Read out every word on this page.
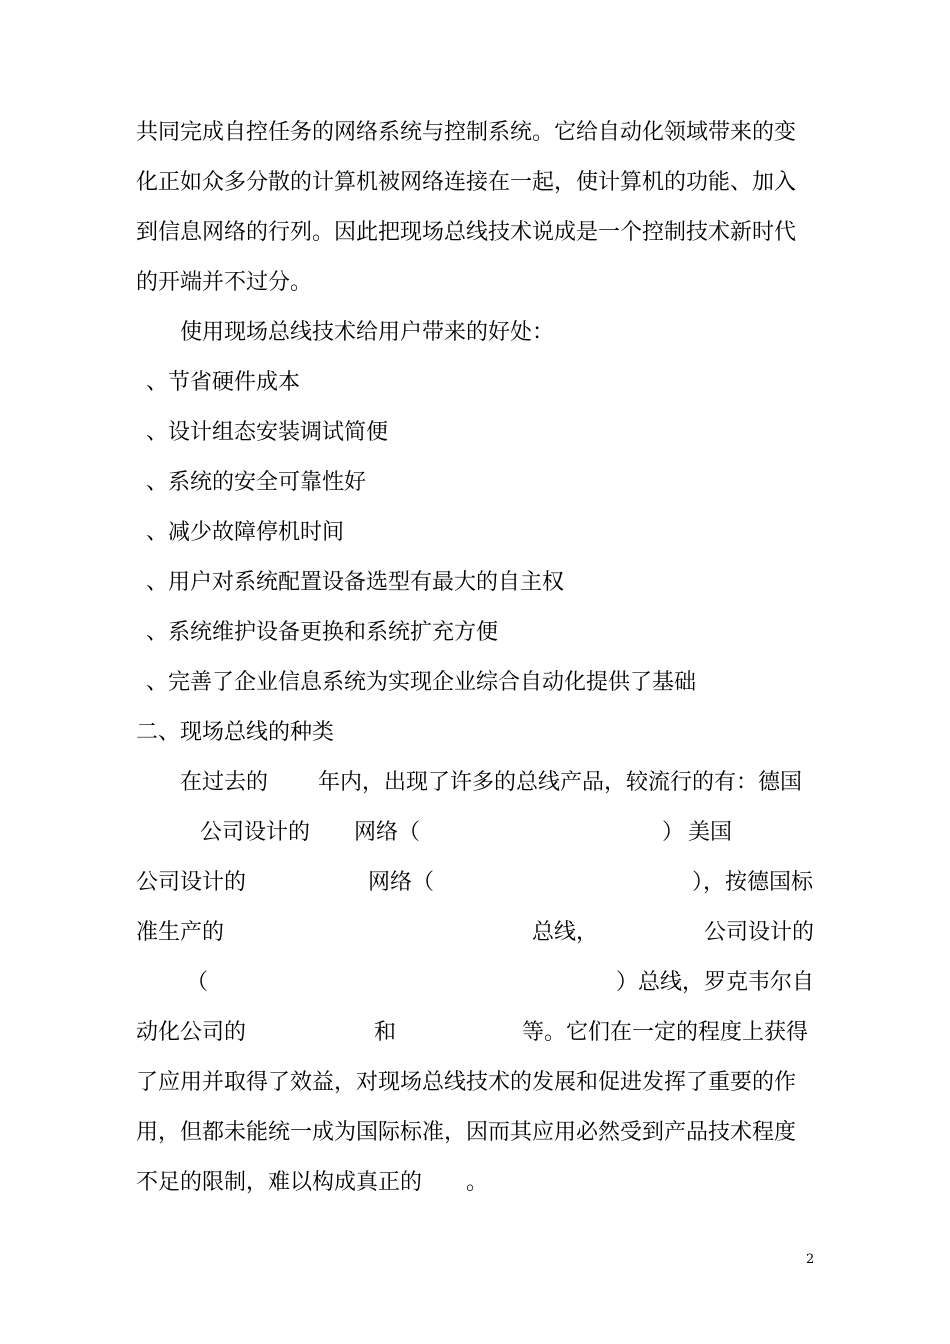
共同完成自控任务的网络系统与控制系统。它给自动化领域带来的变
化正如众多分散的计算机被网络连接在一起，使计算机的功能、加入
到信息网络的行列。因此把现场总线技术说成是一个控制技术新时代
的开端并不过分。
使用现场总线技术给用户带来的好处：
、节省硬件成本
、设计组态安装调试简便
、系统的安全可靠性好
、减少故障停机时间
、用户对系统配置设备选型有最大的自主权
、系统维护设备更换和系统扩充方便
、完善了企业信息系统为实现企业综合自动化提供了基础
二、现场总线的种类
在过去的 年内，出现了许多的总线产品，较流行的有：德国
公司设计的 网络（	） 美国
公司设计的	网络（	），按德国标
准生产的	总线，	公司设计的
（	）总线，罗克韦尔自
动化公司的	和	等。它们在一定的程度上获得
了应用并取得了效益，对现场总线技术的发展和促进发挥了重要的作
用，但都未能统一成为国际标准，因而其应用必然受到产品技术程度
不足的限制，难以构成真正的 。
2
